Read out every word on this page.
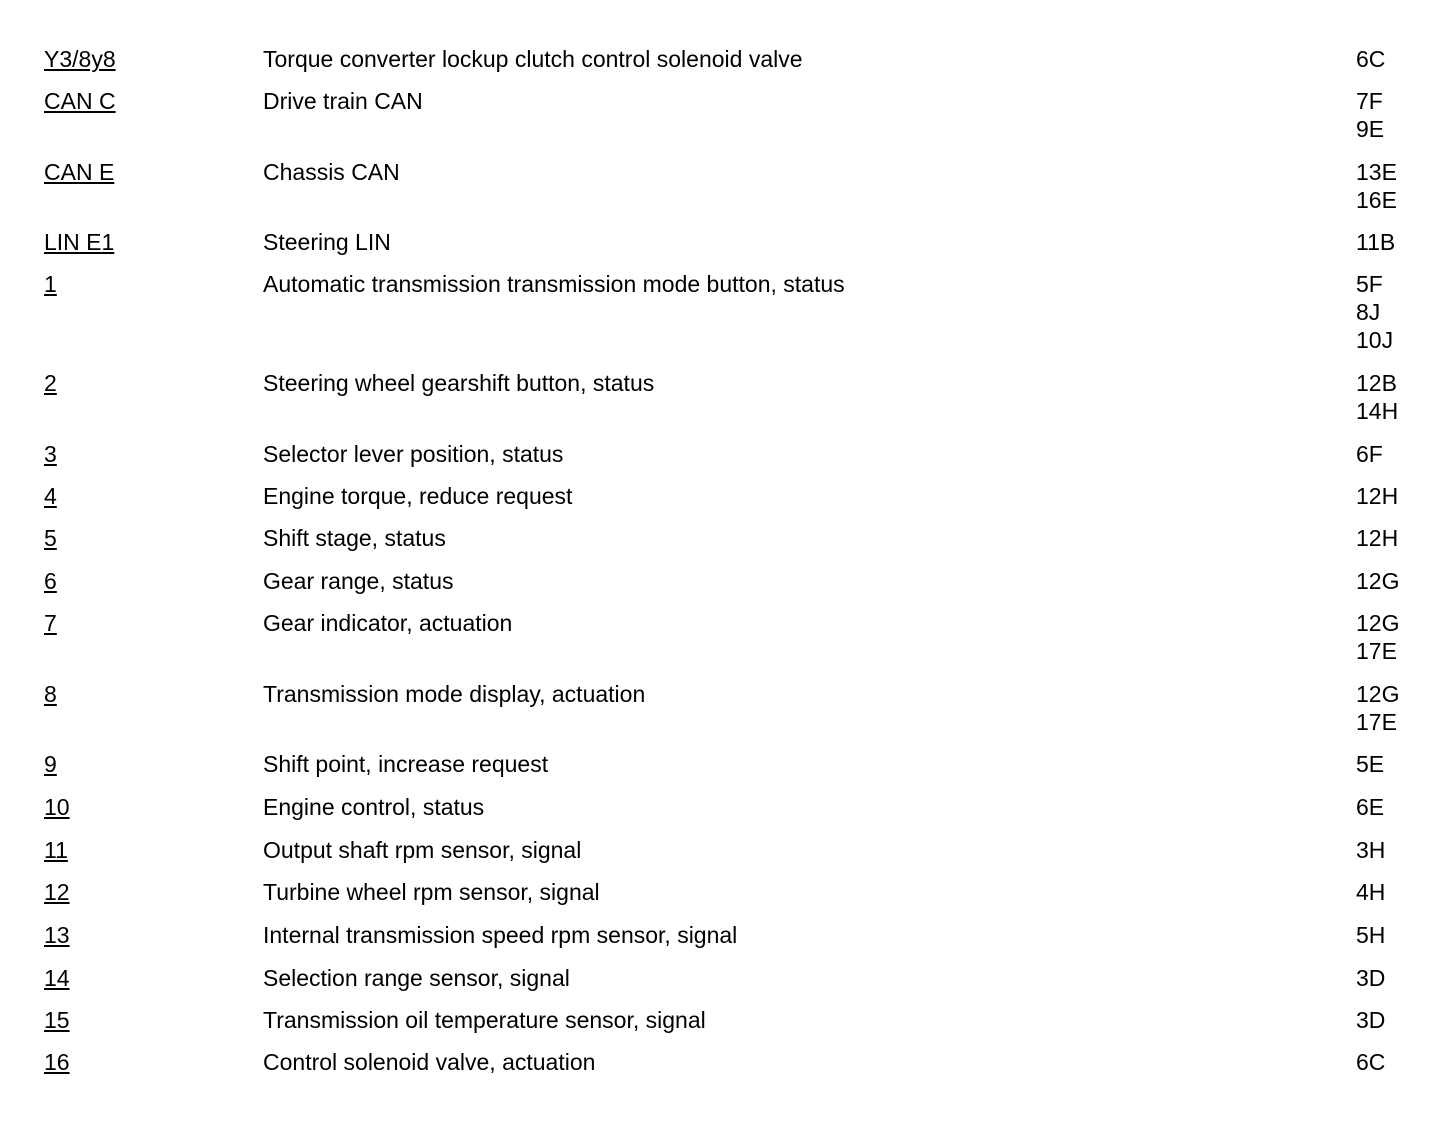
Y3/8y8	Torque converter lockup clutch control solenoid valve	6C
CAN C	Drive train CAN	7F
9E
CAN E	Chassis CAN	13E
16E
LIN E1	Steering LIN	11B
1	Automatic transmission transmission mode button, status	5F
8J
10J
2	Steering wheel gearshift button, status	12B
14H
3	Selector lever position, status	6F
4	Engine torque, reduce request	12H
5	Shift stage, status	12H
6	Gear range, status	12G
7	Gear indicator, actuation	12G
17E
8	Transmission mode display, actuation	12G
17E
9	Shift point, increase request	5E
10	Engine control, status	6E
11	Output shaft rpm sensor, signal	3H
12	Turbine wheel rpm sensor, signal	4H
13	Internal transmission speed rpm sensor, signal	5H
14	Selection range sensor, signal	3D
15	Transmission oil temperature sensor, signal	3D
16	Control solenoid valve, actuation	6C
